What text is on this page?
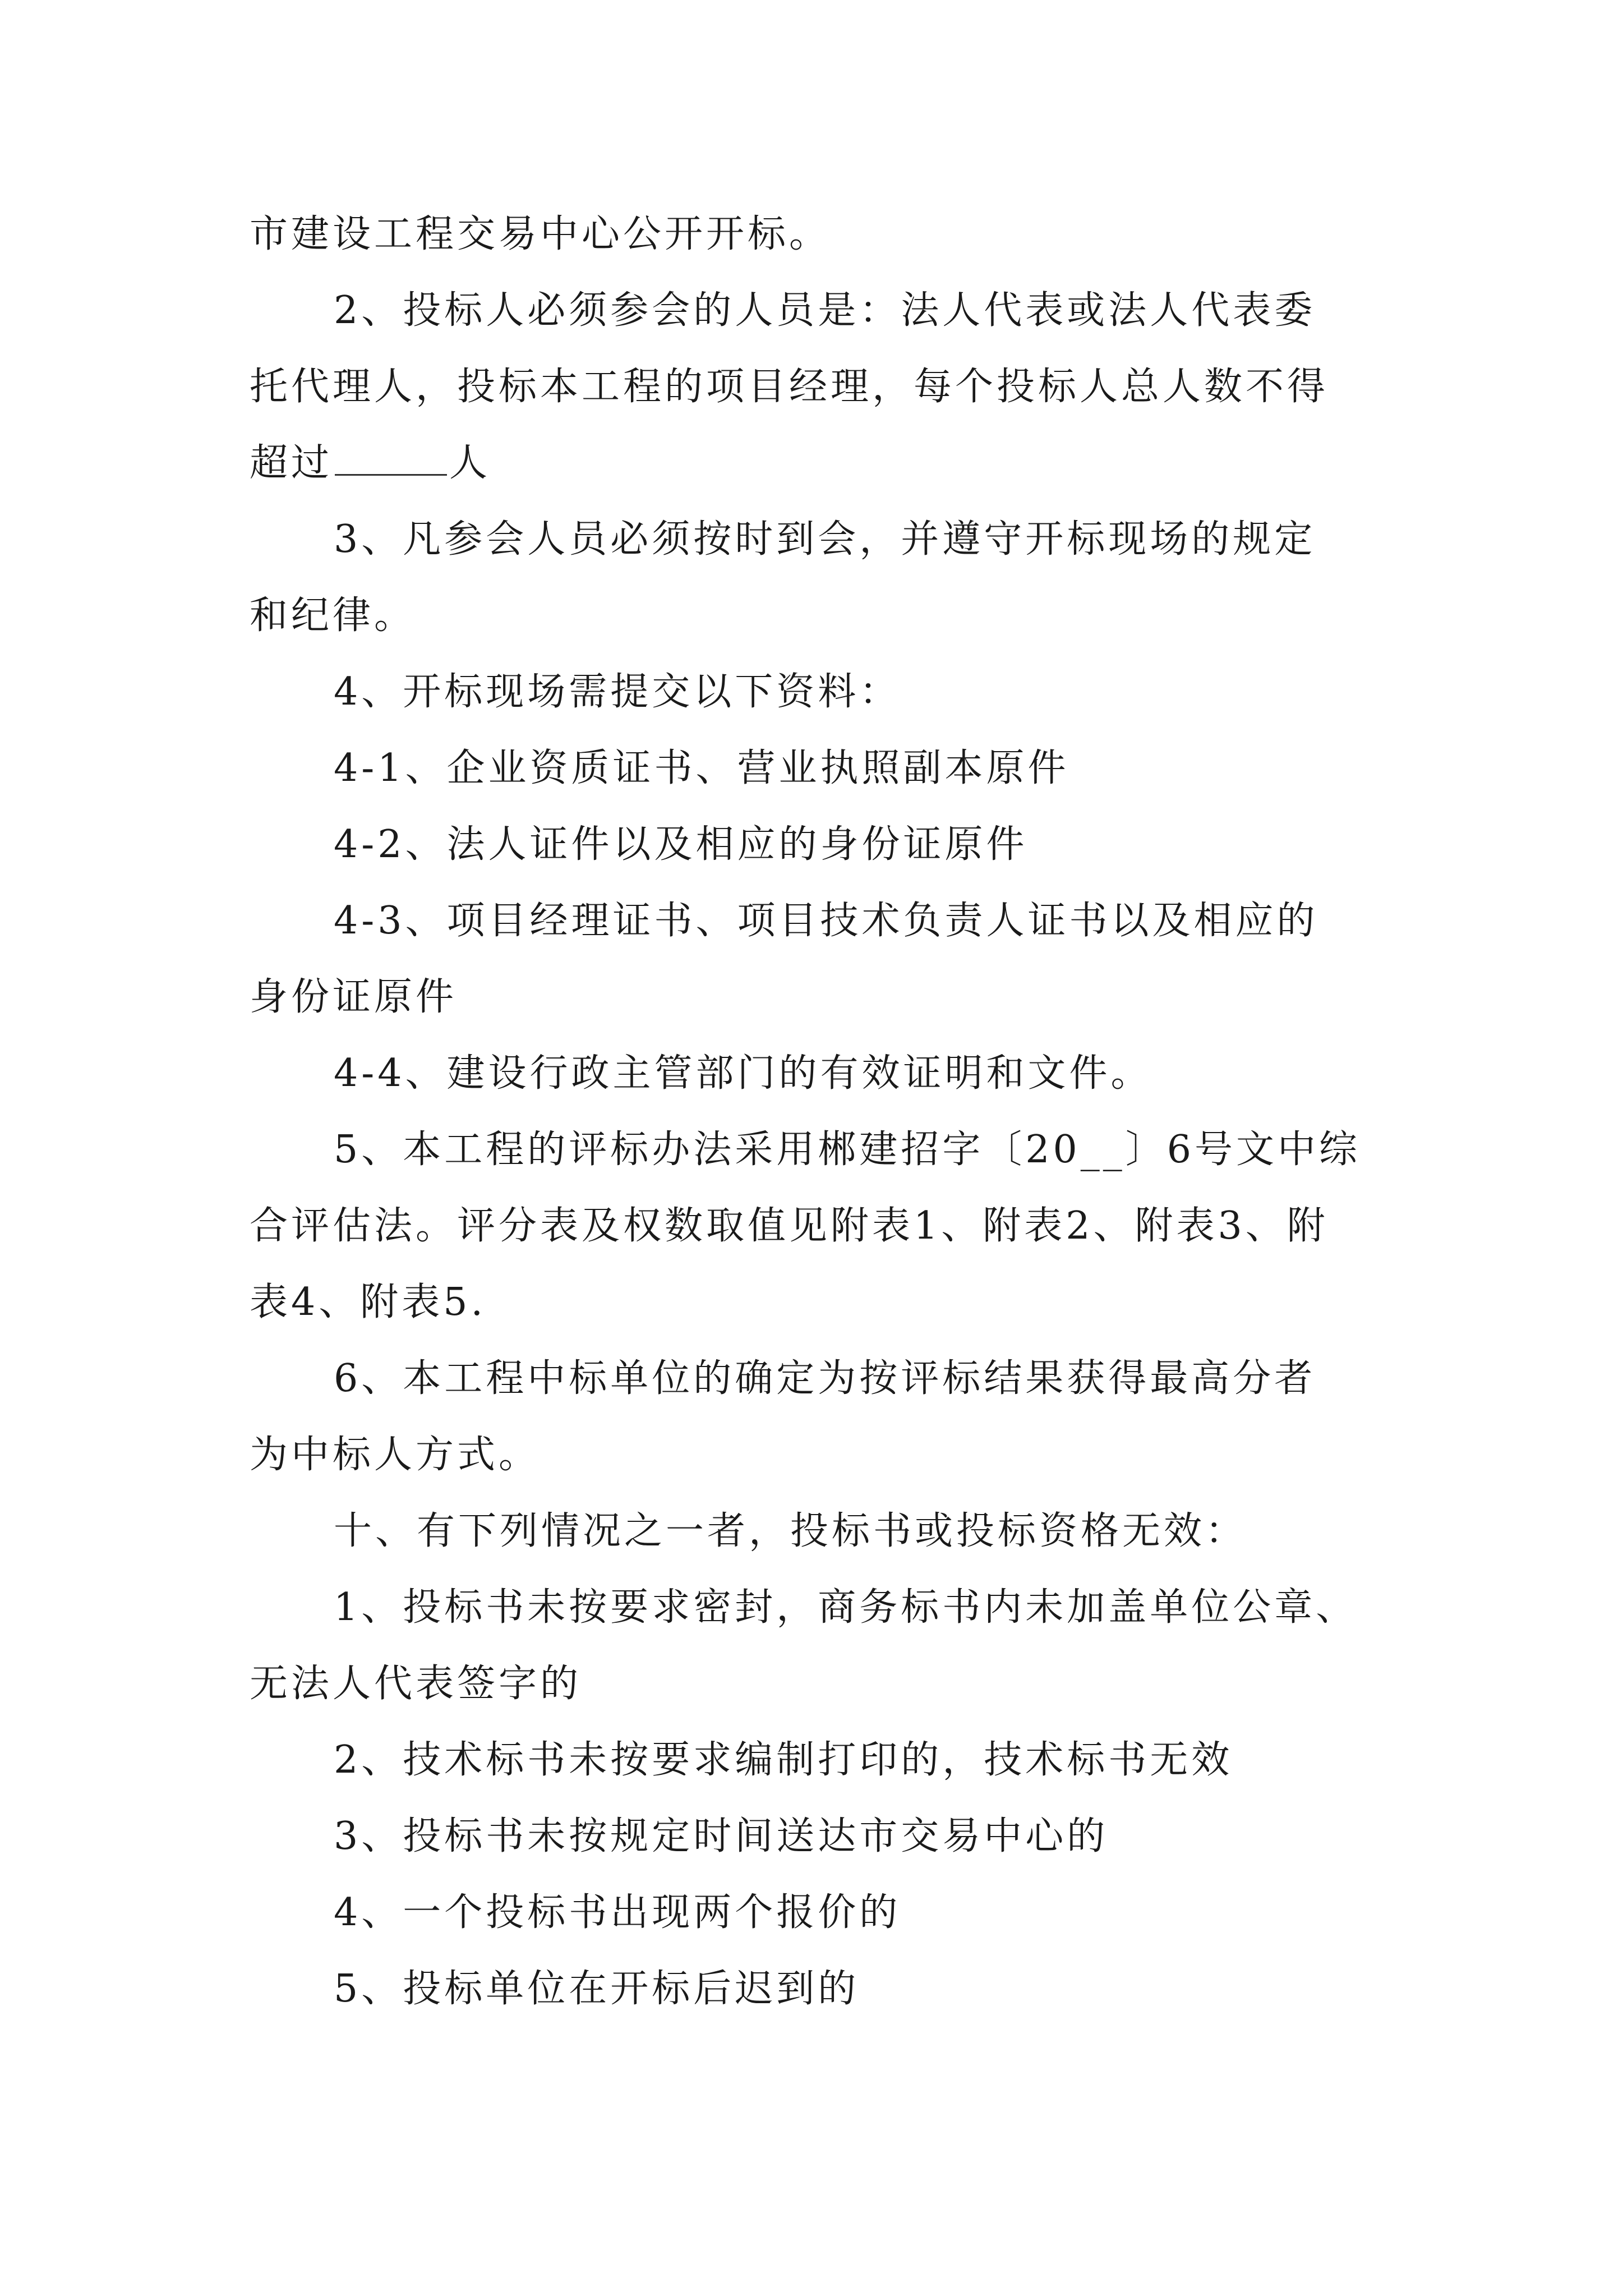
市建设工程交易中心公开开标。
2、投标人必须参会的人员是：法人代表或法人代表委
托代理人，投标本工程的项目经理，每个投标人总人数不得
超过	人
3、凡参会人员必须按时到会，并遵守开标现场的规定
和纪律。
4、开标现场需提交以下资料：
4-1、企业资质证书、营业执照副本原件
4-2、法人证件以及相应的身份证原件
4-3、项目经理证书、项目技术负责人证书以及相应的
身份证原件
4-4、建设行政主管部门的有效证明和文件。
5、本工程的评标办法采用郴建招字〔20__〕6号文中综
合评估法。评分表及权数取值见附表1、附表2、附表3、附
表4、附表5.
6、本工程中标单位的确定为按评标结果获得最高分者
为中标人方式。
十、有下列情况之一者，投标书或投标资格无效：
1、投标书未按要求密封，商务标书内未加盖单位公章、
无法人代表签字的
2、技术标书未按要求编制打印的，技术标书无效
3、投标书未按规定时间送达市交易中心的
4、一个投标书出现两个报价的
5、投标单位在开标后迟到的
